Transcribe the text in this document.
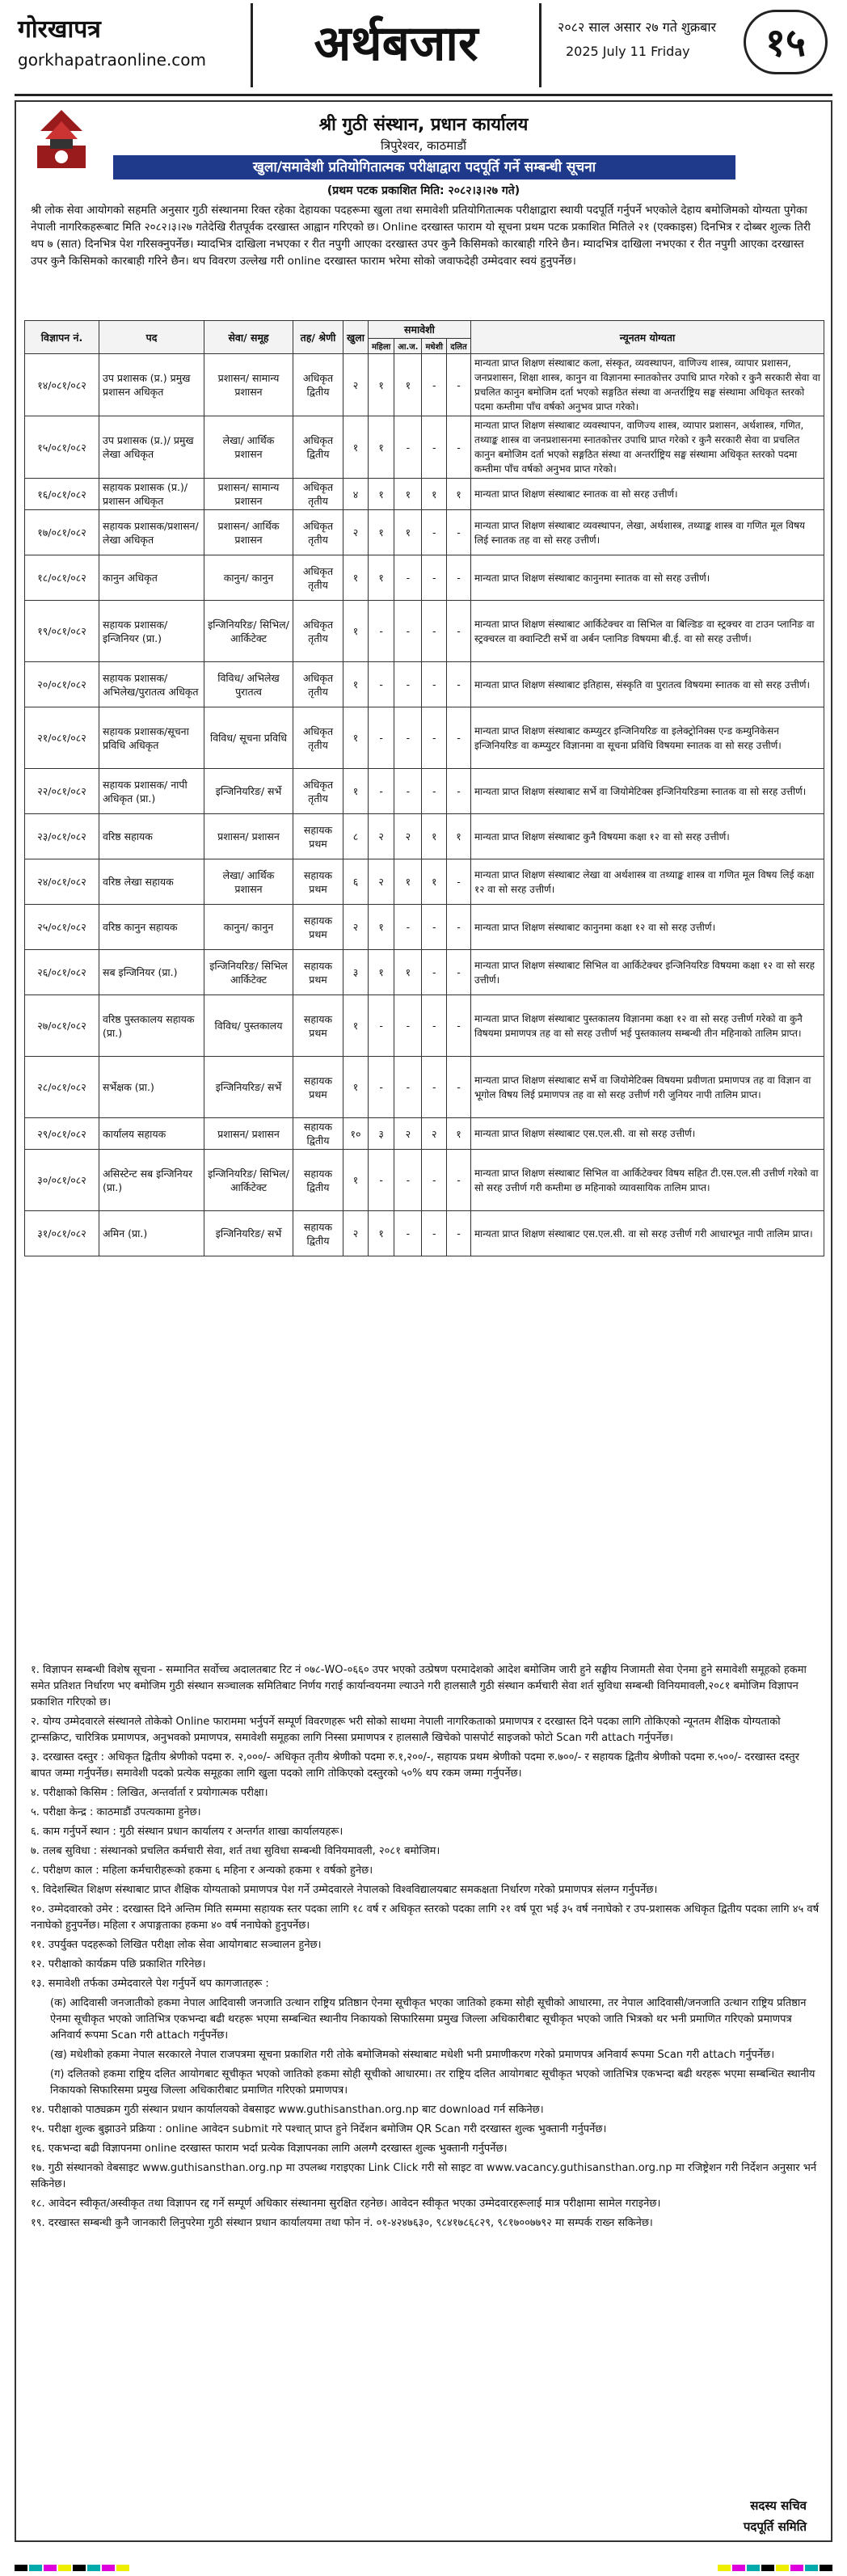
गोरखापत्र
gorkhapatraonline.com	अर्थबजार	२०८२ साल असार २७ गते शुक्रबार
2025 July 11 Friday	१५
श्री गुठी संस्थान, प्रधान कार्यालय
त्रिपुरेश्वर, काठमाडौं
खुला/समावेशी प्रतियोगितात्मक परीक्षाद्वारा पदपूर्ति गर्ने सम्बन्धी सूचना
(प्रथम पटक प्रकाशित मिति: २०८२।३।२७ गते)
श्री लोक सेवा आयोगको सहमति अनुसार गुठी संस्थानमा रिक्त रहेका देहायका पदहरूमा खुला तथा समावेशी प्रतियोगितात्मक परीक्षाद्वारा स्थायी पदपूर्ति गर्नुपर्ने भएकोले देहाय बमोजिमको योग्यता पुगेका नेपाली नागरिकहरूबाट मिति २०८२।३।२७ गतेदेखि रीतपूर्वक दरखास्त आह्वान गरिएको छ। Online दरखास्त फाराम यो सूचना प्रथम पटक प्रकाशित मितिले २१ (एक्काइस) दिनभित्र र दोब्बर शुल्क तिरी थप ७ (सात) दिनभित्र पेश गरिसक्नुपर्नेछ। म्यादभित्र दाखिला नभएका र रीत नपुगी आएका दरखास्त उपर कुनै किसिमको कारबाही गरिने छैन। म्यादभित्र दाखिला नभएका र रीत नपुगी आएका दरखास्त उपर कुनै किसिमको कारबाही गरिने छैन। थप विवरण उल्लेख गरी online दरखास्त फाराम भरेमा सोको जवाफदेही उम्मेदवार स्वयं हुनुपर्नेछ।
विज्ञापन नं.	पद	सेवा/ समूह	तह/ श्रेणी	खुला	समावेशी				न्यूनतम योग्यता
					महिला	आ.ज.	मधेशी	दलित	
१४/०८१/०८२	उप प्रशासक (प्र.) प्रमुख प्रशासन अधिकृत	प्रशासन/ सामान्य प्रशासन	अधिकृत द्वितीय	२	१	१	-	-	मान्यता प्राप्त शिक्षण संस्थाबाट कला, संस्कृत, व्यवस्थापन, वाणिज्य शास्त्र, व्यापार प्रशासन, जनप्रशासन, शिक्षा शास्त्र, कानुन वा विज्ञानमा स्नातकोत्तर उपाधि प्राप्त गरेको र कुनै सरकारी सेवा वा प्रचलित कानुन बमोजिम दर्ता भएको सङ्गठित संस्था वा अन्तर्राष्ट्रिय सङ्घ संस्थामा अधिकृत स्तरको पदमा कम्तीमा पाँच वर्षको अनुभव प्राप्त गरेको।
१५/०८१/०८२	उप प्रशासक (प्र.)/ प्रमुख लेखा अधिकृत	लेखा/ आर्थिक प्रशासन	अधिकृत द्वितीय	१	१	-	-	-	मान्यता प्राप्त शिक्षण संस्थाबाट व्यवस्थापन, वाणिज्य शास्त्र, व्यापार प्रशासन, अर्थशास्त्र, गणित, तथ्याङ्क शास्त्र वा जनप्रशासनमा स्नातकोत्तर उपाधि प्राप्त गरेको र कुनै सरकारी सेवा वा प्रचलित कानुन बमोजिम दर्ता भएको सङ्गठित संस्था वा अन्तर्राष्ट्रिय सङ्घ संस्थामा अधिकृत स्तरको पदमा कम्तीमा पाँच वर्षको अनुभव प्राप्त गरेको।
१६/०८१/०८२	सहायक प्रशासक (प्र.)/प्रशासन अधिकृत	प्रशासन/ सामान्य प्रशासन	अधिकृत तृतीय	४	१	१	१	१	मान्यता प्राप्त शिक्षण संस्थाबाट स्नातक वा सो सरह उत्तीर्ण।
१७/०८१/०८२	सहायक प्रशासक/प्रशासन/लेखा अधिकृत	प्रशासन/ आर्थिक प्रशासन	अधिकृत तृतीय	२	१	१	-	-	मान्यता प्राप्त शिक्षण संस्थाबाट व्यवस्थापन, लेखा, अर्थशास्त्र, तथ्याङ्क शास्त्र वा गणित मूल विषय लिई स्नातक तह वा सो सरह उत्तीर्ण।
१८/०८१/०८२	कानुन अधिकृत	कानुन/ कानुन	अधिकृत तृतीय	१	१	-	-	-	मान्यता प्राप्त शिक्षण संस्थाबाट कानुनमा स्नातक वा सो सरह उत्तीर्ण।
१९/०८१/०८२	सहायक प्रशासक/ इन्जिनियर (प्रा.)	इन्जिनियरिङ/ सिभिल/ आर्किटेक्ट	अधिकृत तृतीय	१	-	-	-	-	मान्यता प्राप्त शिक्षण संस्थाबाट आर्किटेक्चर वा सिभिल वा बिल्डिङ वा स्ट्रक्चर वा टाउन प्लानिङ वा स्ट्रक्चरल वा क्वान्टिटी सर्भे वा अर्बन प्लानिङ विषयमा बी.ई. वा सो सरह उत्तीर्ण।
२०/०८१/०८२	सहायक प्रशासक/ अभिलेख/पुरातत्व अधिकृत	विविध/ अभिलेख पुरातत्व	अधिकृत तृतीय	१	-	-	-	-	मान्यता प्राप्त शिक्षण संस्थाबाट इतिहास, संस्कृति वा पुरातत्व विषयमा स्नातक वा सो सरह उत्तीर्ण।
२१/०८१/०८२	सहायक प्रशासक/सूचना प्रविधि अधिकृत	विविध/ सूचना प्रविधि	अधिकृत तृतीय	१	-	-	-	-	मान्यता प्राप्त शिक्षण संस्थाबाट कम्प्युटर इन्जिनियरिङ वा इलेक्ट्रोनिक्स एन्ड कम्युनिकेसन इन्जिनियरिङ वा कम्प्युटर विज्ञानमा वा सूचना प्रविधि विषयमा स्नातक वा सो सरह उत्तीर्ण।
२२/०८१/०८२	सहायक प्रशासक/ नापी अधिकृत (प्रा.)	इन्जिनियरिङ/ सर्भे	अधिकृत तृतीय	१	-	-	-	-	मान्यता प्राप्त शिक्षण संस्थाबाट सर्भे वा जियोमेटिक्स इन्जिनियरिङमा स्नातक वा सो सरह उत्तीर्ण।
२३/०८१/०८२	वरिष्ठ सहायक	प्रशासन/ प्रशासन	सहायक प्रथम	८	२	२	१	१	मान्यता प्राप्त शिक्षण संस्थाबाट कुनै विषयमा कक्षा १२ वा सो सरह उत्तीर्ण।
२४/०८१/०८२	वरिष्ठ लेखा सहायक	लेखा/ आर्थिक प्रशासन	सहायक प्रथम	६	२	१	१	-	मान्यता प्राप्त शिक्षण संस्थाबाट लेखा वा अर्थशास्त्र वा तथ्याङ्क शास्त्र वा गणित मूल विषय लिई कक्षा १२ वा सो सरह उत्तीर्ण।
२५/०८१/०८२	वरिष्ठ कानुन सहायक	कानुन/ कानुन	सहायक प्रथम	२	१	-	-	-	मान्यता प्राप्त शिक्षण संस्थाबाट कानुनमा कक्षा १२ वा सो सरह उत्तीर्ण।
२६/०८१/०८२	सब इन्जिनियर (प्रा.)	इन्जिनियरिङ/ सिभिल आर्किटेक्ट	सहायक प्रथम	३	१	१	-	-	मान्यता प्राप्त शिक्षण संस्थाबाट सिभिल वा आर्किटेक्चर इन्जिनियरिङ विषयमा कक्षा १२ वा सो सरह उत्तीर्ण।
२७/०८१/०८२	वरिष्ठ पुस्तकालय सहायक (प्रा.)	विविध/ पुस्तकालय	सहायक प्रथम	१	-	-	-	-	मान्यता प्राप्त शिक्षण संस्थाबाट पुस्तकालय विज्ञानमा कक्षा १२ वा सो सरह उत्तीर्ण गरेको वा कुनै विषयमा प्रमाणपत्र तह वा सो सरह उत्तीर्ण भई पुस्तकालय सम्बन्धी तीन महिनाको तालिम प्राप्त।
२८/०८१/०८२	सर्भेक्षक (प्रा.)	इन्जिनियरिङ/ सर्भे	सहायक प्रथम	१	-	-	-	-	मान्यता प्राप्त शिक्षण संस्थाबाट सर्भे वा जियोमेटिक्स विषयमा प्रवीणता प्रमाणपत्र तह वा विज्ञान वा भूगोल विषय लिई प्रमाणपत्र तह वा सो सरह उत्तीर्ण गरी जुनियर नापी तालिम प्राप्त।
२९/०८१/०८२	कार्यालय सहायक	प्रशासन/ प्रशासन	सहायक द्वितीय	१०	३	२	२	१	मान्यता प्राप्त शिक्षण संस्थाबाट एस.एल.सी. वा सो सरह उत्तीर्ण।
३०/०८१/०८२	असिस्टेन्ट सब इन्जिनियर (प्रा.)	इन्जिनियरिङ/ सिभिल/ आर्किटेक्ट	सहायक द्वितीय	१	-	-	-	-	मान्यता प्राप्त शिक्षण संस्थाबाट सिभिल वा आर्किटेक्चर विषय सहित टी.एस.एल.सी उत्तीर्ण गरेको वा सो सरह उत्तीर्ण गरी कम्तीमा छ महिनाको व्यावसायिक तालिम प्राप्त।
३१/०८१/०८२	अमिन (प्रा.)	इन्जिनियरिङ/ सर्भे	सहायक द्वितीय	२	१	-	-	-	मान्यता प्राप्त शिक्षण संस्थाबाट एस.एल.सी. वा सो सरह उत्तीर्ण गरी आधारभूत नापी तालिम प्राप्त।

१. विज्ञापन सम्बन्धी विशेष सूचना - सम्मानित सर्वोच्च अदालतबाट रिट नं ०७८-WO-०६६० उपर भएको उत्प्रेषण परमादेशको आदेश बमोजिम जारी हुने सङ्घीय निजामती सेवा ऐनमा हुने समावेशी समूहको हकमा समेत प्रतिशत निर्धारण भए बमोजिम गुठी संस्थान सञ्चालक समितिबाट निर्णय गराई कार्यान्वयनमा ल्याउने गरी हालसालै गुठी संस्थान कर्मचारी सेवा शर्त सुविधा सम्बन्धी विनियमावली,२०८१ बमोजिम विज्ञापन प्रकाशित गरिएको छ।

२. योग्य उम्मेदवारले संस्थानले तोकेको Online फाराममा भर्नुपर्ने सम्पूर्ण विवरणहरू भरी सोको साथमा नेपाली नागरिकताको प्रमाणपत्र र दरखास्त दिने पदका लागि तोकिएको न्यूनतम शैक्षिक योग्यताको ट्रान्सक्रिप्ट, चारित्रिक प्रमाणपत्र, अनुभवको प्रमाणपत्र, समावेशी समूहका लागि निस्सा प्रमाणपत्र र हालसालै खिचेको पासपोर्ट साइजको फोटो Scan गरी attach गर्नुपर्नेछ।

३. दरखास्त दस्तुर : अधिकृत द्वितीय श्रेणीको पदमा रु. २,०००/- अधिकृत तृतीय श्रेणीको पदमा रु.१,२००/-, सहायक प्रथम श्रेणीको पदमा रु.७००/- र सहायक द्वितीय श्रेणीको पदमा रु.५००/- दरखास्त दस्तुर बापत जम्मा गर्नुपर्नेछ। समावेशी पदको प्रत्येक समूहका लागि खुला पदको लागि तोकिएको दस्तुरको ५०% थप रकम जम्मा गर्नुपर्नेछ।

४. परीक्षाको किसिम : लिखित, अन्तर्वार्ता र प्रयोगात्मक परीक्षा।

५. परीक्षा केन्द्र : काठमाडौं उपत्यकामा हुनेछ।

६. काम गर्नुपर्ने स्थान : गुठी संस्थान प्रधान कार्यालय र अन्तर्गत शाखा कार्यालयहरू।

७. तलब सुविधा : संस्थानको प्रचलित कर्मचारी सेवा, शर्त तथा सुविधा सम्बन्धी विनियमावली, २०८१ बमोजिम।

८. परीक्षण काल : महिला कर्मचारीहरूको हकमा ६ महिना र अन्यको हकमा १ वर्षको हुनेछ।

९. विदेशस्थित शिक्षण संस्थाबाट प्राप्त शैक्षिक योग्यताको प्रमाणपत्र पेश गर्ने उम्मेदवारले नेपालको विश्वविद्यालयबाट समकक्षता निर्धारण गरेको प्रमाणपत्र संलग्न गर्नुपर्नेछ।

१०. उम्मेदवारको उमेर : दरखास्त दिने अन्तिम मिति सम्ममा सहायक स्तर पदका लागि १८ वर्ष र अधिकृत स्तरको पदका लागि २१ वर्ष पूरा भई ३५ वर्ष ननाघेको र उप-प्रशासक अधिकृत द्वितीय पदका लागि ४५ वर्ष ननाघेको हुनुपर्नेछ। महिला र अपाङ्गताका हकमा ४० वर्ष ननाघेको हुनुपर्नेछ।

११. उपर्युक्त पदहरूको लिखित परीक्षा लोक सेवा आयोगबाट सञ्चालन हुनेछ।

१२. परीक्षाको कार्यक्रम पछि प्रकाशित गरिनेछ।

१३. समावेशी तर्फका उम्मेदवारले पेश गर्नुपर्ने थप कागजातहरू :

(क) आदिवासी जनजातीको हकमा नेपाल आदिवासी जनजाति उत्थान राष्ट्रिय प्रतिष्ठान ऐनमा सूचीकृत भएका जातिको हकमा सोही सूचीको आधारमा, तर नेपाल आदिवासी/जनजाति उत्थान राष्ट्रिय प्रतिष्ठान ऐनमा सूचीकृत भएको जातिभित्र एकभन्दा बढी थरहरू भएमा सम्बन्धित स्थानीय निकायको सिफारिसमा प्रमुख जिल्ला अधिकारीबाट सूचीकृत भएको जाति भित्रको थर भनी प्रमाणित गरिएको प्रमाणपत्र अनिवार्य रूपमा Scan गरी attach गर्नुपर्नेछ।

(ख) मधेशीको हकमा नेपाल सरकारले नेपाल राजपत्रमा सूचना प्रकाशित गरी तोके बमोजिमको संस्थाबाट मधेशी भनी प्रमाणीकरण गरेको प्रमाणपत्र अनिवार्य रूपमा Scan गरी attach गर्नुपर्नेछ।

(ग) दलितको हकमा राष्ट्रिय दलित आयोगबाट सूचीकृत भएको जातिको हकमा सोही सूचीको आधारमा। तर राष्ट्रिय दलित आयोगबाट सूचीकृत भएको जातिभित्र एकभन्दा बढी थरहरू भएमा सम्बन्धित स्थानीय निकायको सिफारिसमा प्रमुख जिल्ला अधिकारीबाट प्रमाणित गरिएको प्रमाणपत्र।

१४. परीक्षाको पाठ्यक्रम गुठी संस्थान प्रधान कार्यालयको वेबसाइट www.guthisansthan.org.np बाट download गर्न सकिनेछ।

१५. परीक्षा शुल्क बुझाउने प्रक्रिया : online आवेदन submit गरे पश्चात् प्राप्त हुने निर्देशन बमोजिम QR Scan गरी दरखास्त शुल्क भुक्तानी गर्नुपर्नेछ।

१६. एकभन्दा बढी विज्ञापनमा online दरखास्त फाराम भर्दा प्रत्येक विज्ञापनका लागि अलग्गै दरखास्त शुल्क भुक्तानी गर्नुपर्नेछ।

१७. गुठी संस्थानको वेबसाइट www.guthisansthan.org.np मा उपलब्ध गराइएका Link Click गरी सो साइट वा www.vacancy.guthisansthan.org.np मा रजिष्ट्रेशन गरी निर्देशन अनुसार भर्न सकिनेछ।

१८. आवेदन स्वीकृत/अस्वीकृत तथा विज्ञापन रद्द गर्ने सम्पूर्ण अधिकार संस्थानमा सुरक्षित रहनेछ। आवेदन स्वीकृत भएका उम्मेदवारहरूलाई मात्र परीक्षामा सामेल गराइनेछ।

१९. दरखास्त सम्बन्धी कुनै जानकारी लिनुपरेमा गुठी संस्थान प्रधान कार्यालयमा तथा फोन नं. ०१-४२४७६३०, ९८४१७८६८२९, ९८१७००७७९२ मा सम्पर्क राख्न सकिनेछ।

सदस्य सचिव
पदपूर्ति समिति
